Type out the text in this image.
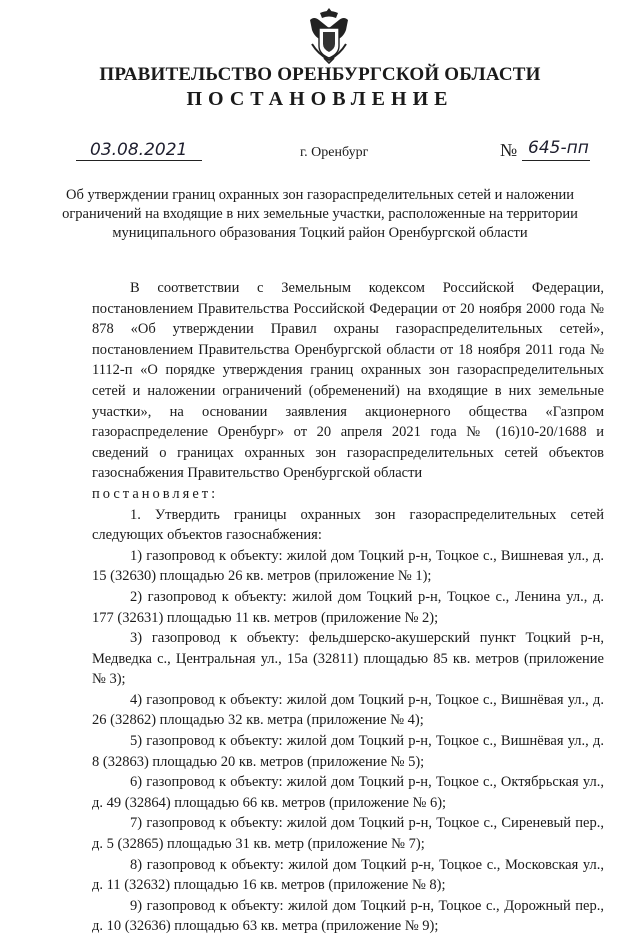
ПРАВИТЕЛЬСТВО ОРЕНБУРГСКОЙ ОБЛАСТИ
ПОСТАНОВЛЕНИЕ
03.08.2021	г. Оренбург	№ 645-пп
Об утверждении границ охранных зон газораспределительных сетей и наложении ограничений на входящие в них земельные участки, расположенные на территории муниципального образования Тоцкий район Оренбургской области

В соответствии с Земельным кодексом Российской Федерации, постановлением Правительства Российской Федерации от 20 ноября 2000 года № 878 «Об утверждении Правил охраны газораспределительных сетей», постановлением Правительства Оренбургской области от 18 ноября 2011 года № 1112-п «О порядке утверждения границ охранных зон газораспределительных сетей и наложении ограничений (обременений) на входящие в них земельные участки», на основании заявления акционерного общества «Газпром газораспределение Оренбург» от 20 апреля 2021 года № (16)10-20/1688 и сведений о границах охранных зон газораспределительных сетей объектов газоснабжения Правительство Оренбургской области

постановляет:

1. Утвердить границы охранных зон газораспределительных сетей следующих объектов газоснабжения:

1) газопровод к объекту: жилой дом Тоцкий р-н, Тоцкое с., Вишневая ул., д. 15 (32630) площадью 26 кв. метров (приложение № 1);

2) газопровод к объекту: жилой дом Тоцкий р-н, Тоцкое с., Ленина ул., д. 177 (32631) площадью 11 кв. метров (приложение № 2);

3) газопровод к объекту: фельдшерско-акушерский пункт Тоцкий р-н, Медведка с., Центральная ул., 15а (32811) площадью 85 кв. метров (приложение № 3);

4) газопровод к объекту: жилой дом Тоцкий р-н, Тоцкое с., Вишнёвая ул., д. 26 (32862) площадью 32 кв. метра (приложение № 4);

5) газопровод к объекту: жилой дом Тоцкий р-н, Тоцкое с., Вишнёвая ул., д. 8 (32863) площадью 20 кв. метров (приложение № 5);

6) газопровод к объекту: жилой дом Тоцкий р-н, Тоцкое с., Октябрьская ул., д. 49 (32864) площадью 66 кв. метров (приложение № 6);

7) газопровод к объекту: жилой дом Тоцкий р-н, Тоцкое с., Сиреневый пер., д. 5 (32865) площадью 31 кв. метр (приложение № 7);

8) газопровод к объекту: жилой дом Тоцкий р-н, Тоцкое с., Московская ул., д. 11 (32632) площадью 16 кв. метров (приложение № 8);

9) газопровод к объекту: жилой дом Тоцкий р-н, Тоцкое с., Дорожный пер., д. 10 (32636) площадью 63 кв. метра (приложение № 9);
